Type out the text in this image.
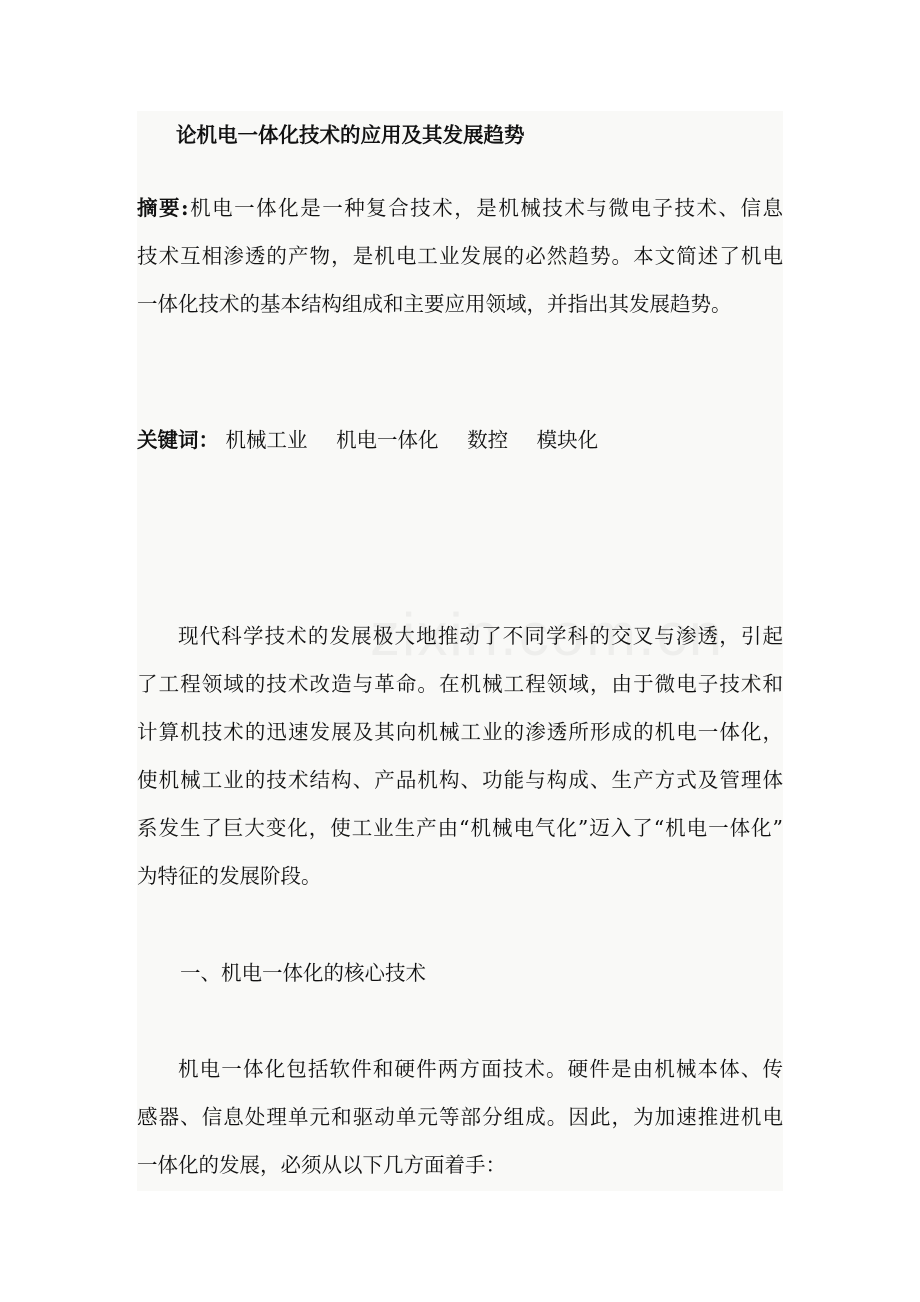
论机电一体化技术的应用及其发展趋势
摘要:机电一体化是一种复合技术，是机械技术与微电子技术、信息
技术互相渗透的产物，是机电工业发展的必然趋势。本文简述了机电
一体化技术的基本结构组成和主要应用领域，并指出其发展趋势。
关键词： 机械工业 机电一体化 数控 模块化
现代科学技术的发展极大地推动了不同学科的交叉与渗透，引起
了工程领域的技术改造与革命。在机械工程领域，由于微电子技术和
计算机技术的迅速发展及其向机械工业的渗透所形成的机电一体化，
使机械工业的技术结构、产品机构、功能与构成、生产方式及管理体
系发生了巨大变化，使工业生产由“机械电气化”迈入了“机电一体化”
为特征的发展阶段。
一、机电一体化的核心技术
机电一体化包括软件和硬件两方面技术。硬件是由机械本体、传
感器、信息处理单元和驱动单元等部分组成。因此，为加速推进机电
一体化的发展，必须从以下几方面着手：
